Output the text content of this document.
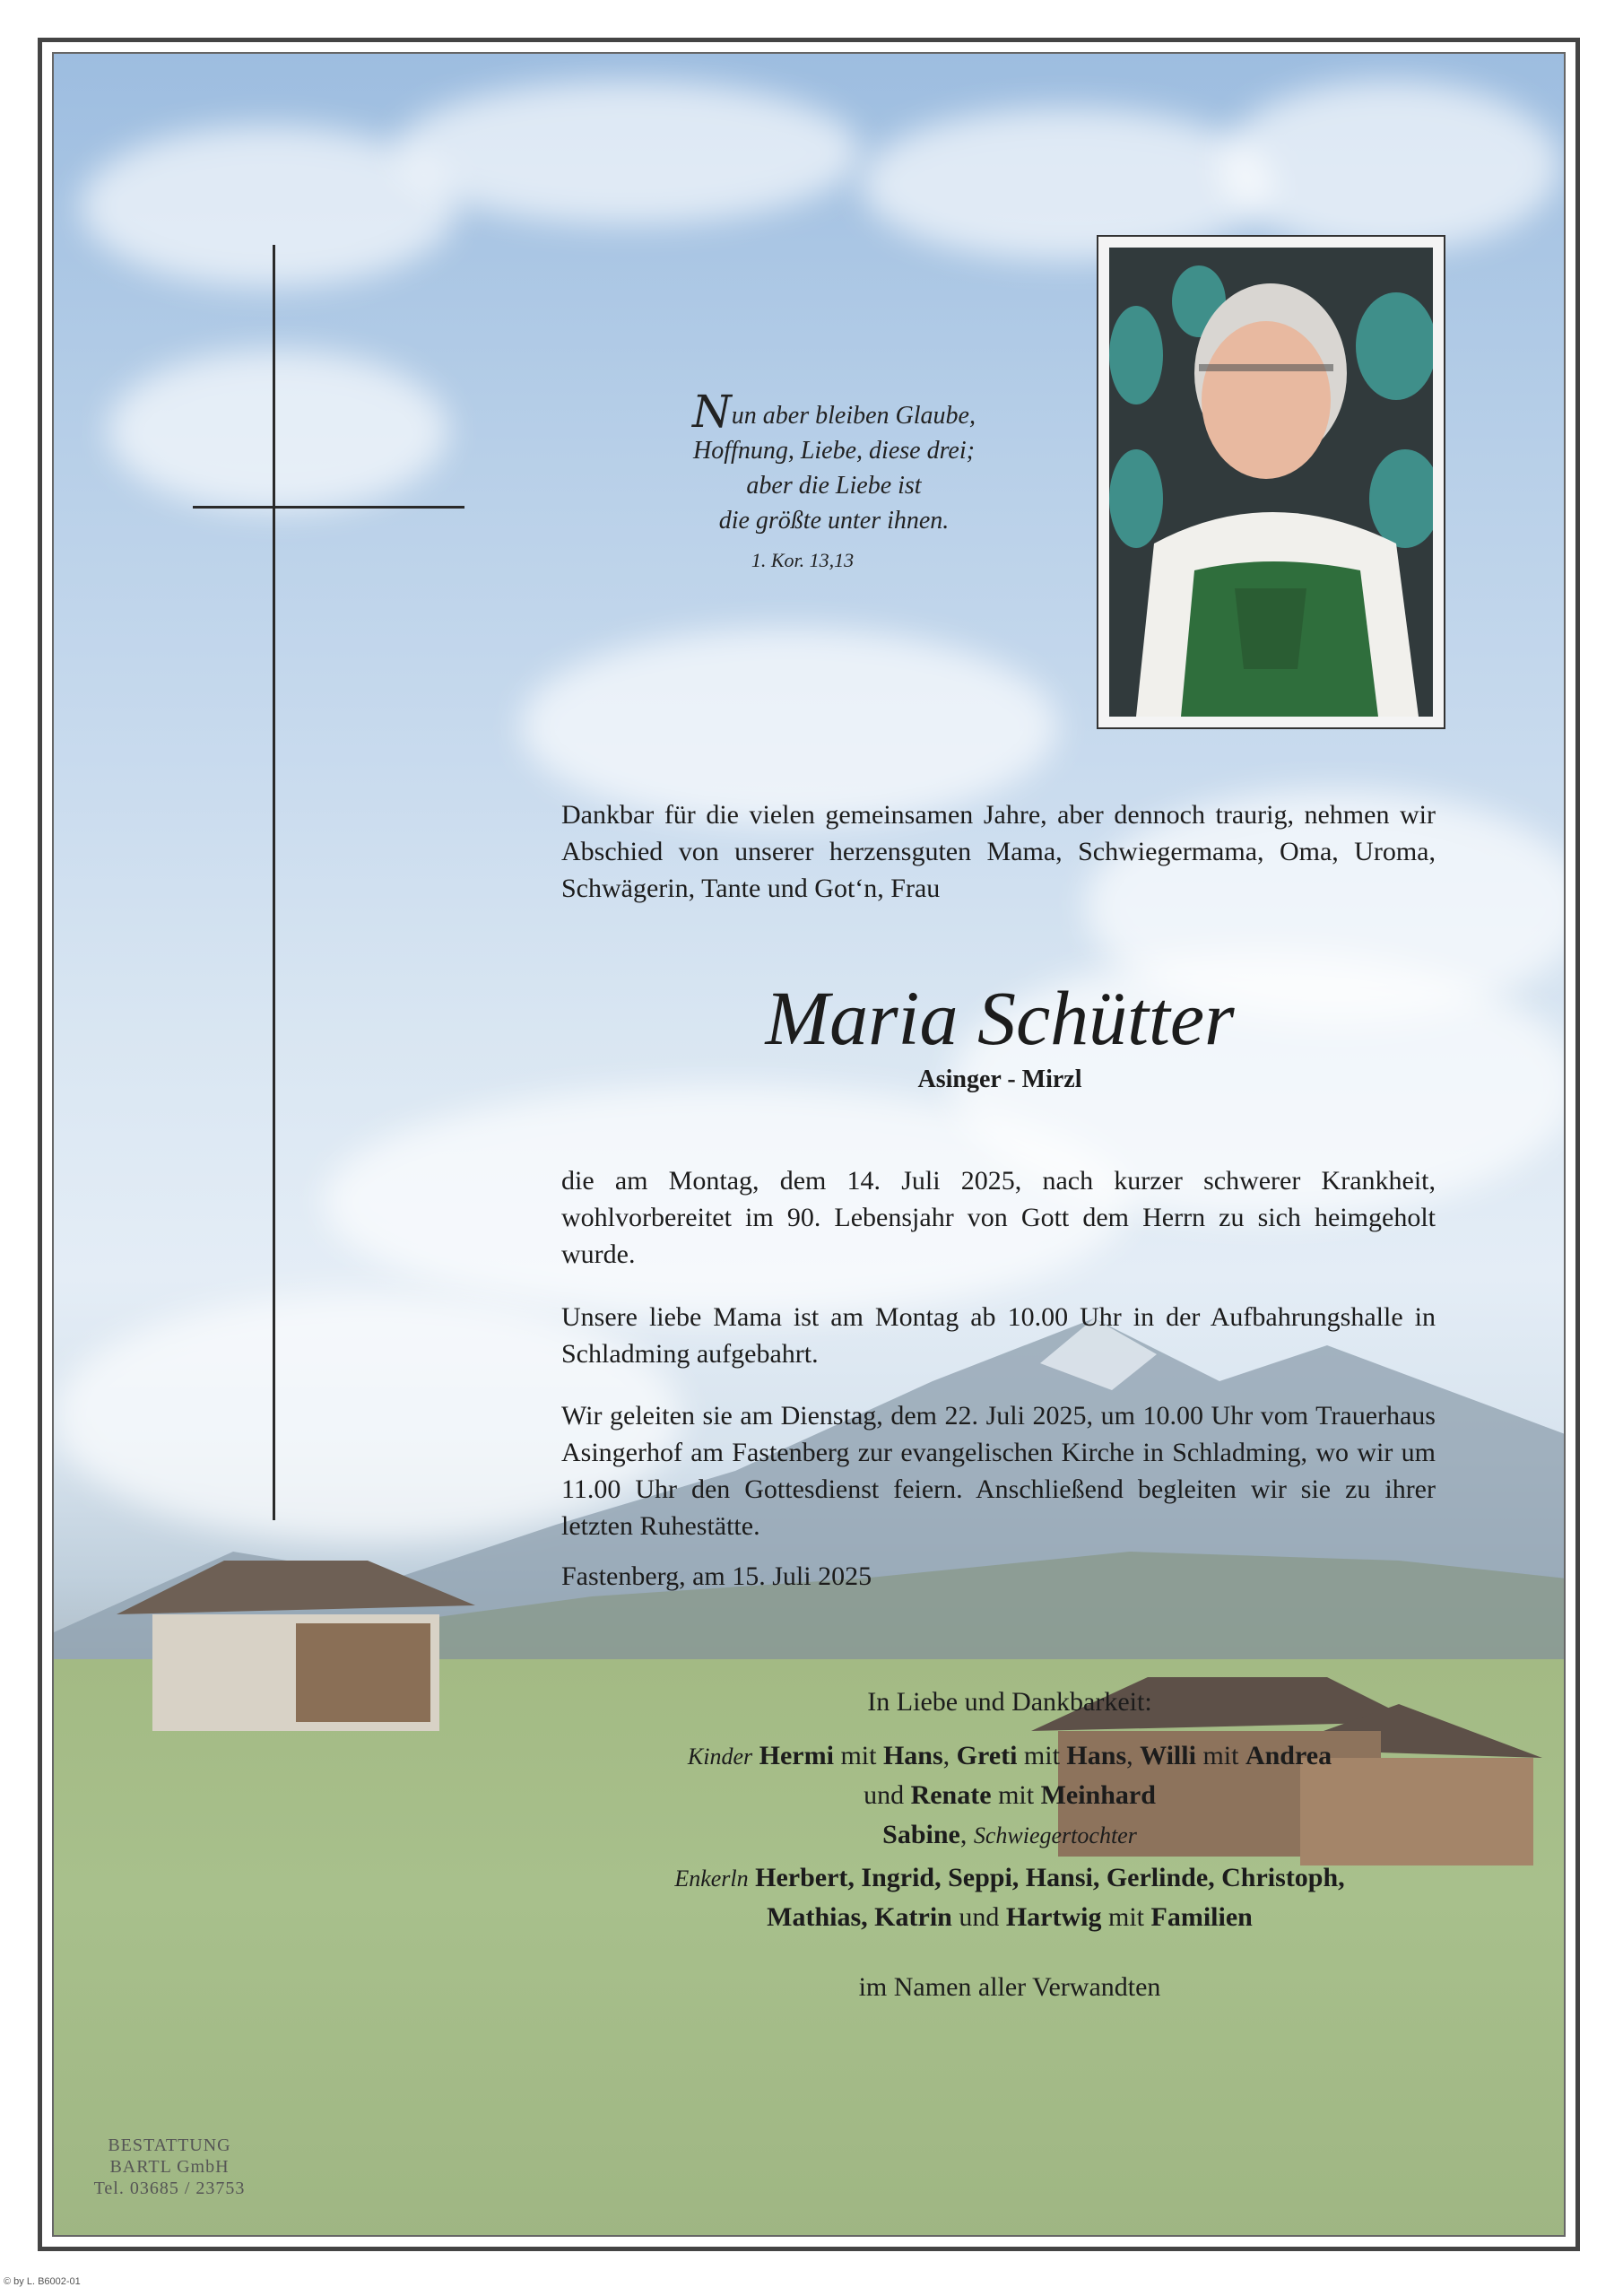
Nun aber bleiben Glaube,
Hoffnung, Liebe, diese drei;
aber die Liebe ist
die größte unter ihnen.
1. Kor. 13,13
Dankbar für die vielen gemeinsamen Jahre, aber dennoch traurig, nehmen wir Abschied von unserer herzensguten Mama, Schwiegermama, Oma, Uroma, Schwägerin, Tante und Got‘n, Frau
Maria Schütter
Asinger - Mirzl
die am Montag, dem 14. Juli 2025, nach kurzer schwerer Krankheit, wohlvorbereitet im 90. Lebensjahr von Gott dem Herrn zu sich heimgeholt wurde.
Unsere liebe Mama ist am Montag ab 10.00 Uhr in der Aufbahrungshalle in Schladming aufgebahrt.
Wir geleiten sie am Dienstag, dem 22. Juli 2025, um 10.00 Uhr vom Trauerhaus Asingerhof am Fastenberg zur evangelischen Kirche in Schladming, wo wir um 11.00 Uhr den Gottesdienst feiern. Anschließend begleiten wir sie zu ihrer letzten Ruhestätte.
Fastenberg, am 15. Juli 2025
In Liebe und Dankbarkeit:
Kinder Hermi mit Hans, Greti mit Hans, Willi mit Andrea
und Renate mit Meinhard
Sabine, Schwiegertochter
Enkerln Herbert, Ingrid, Seppi, Hansi, Gerlinde, Christoph,
Mathias, Katrin und Hartwig mit Familien
im Namen aller Verwandten
BESTATTUNG
BARTL GmbH
Tel. 03685 / 23753
© by L. B6002-01
